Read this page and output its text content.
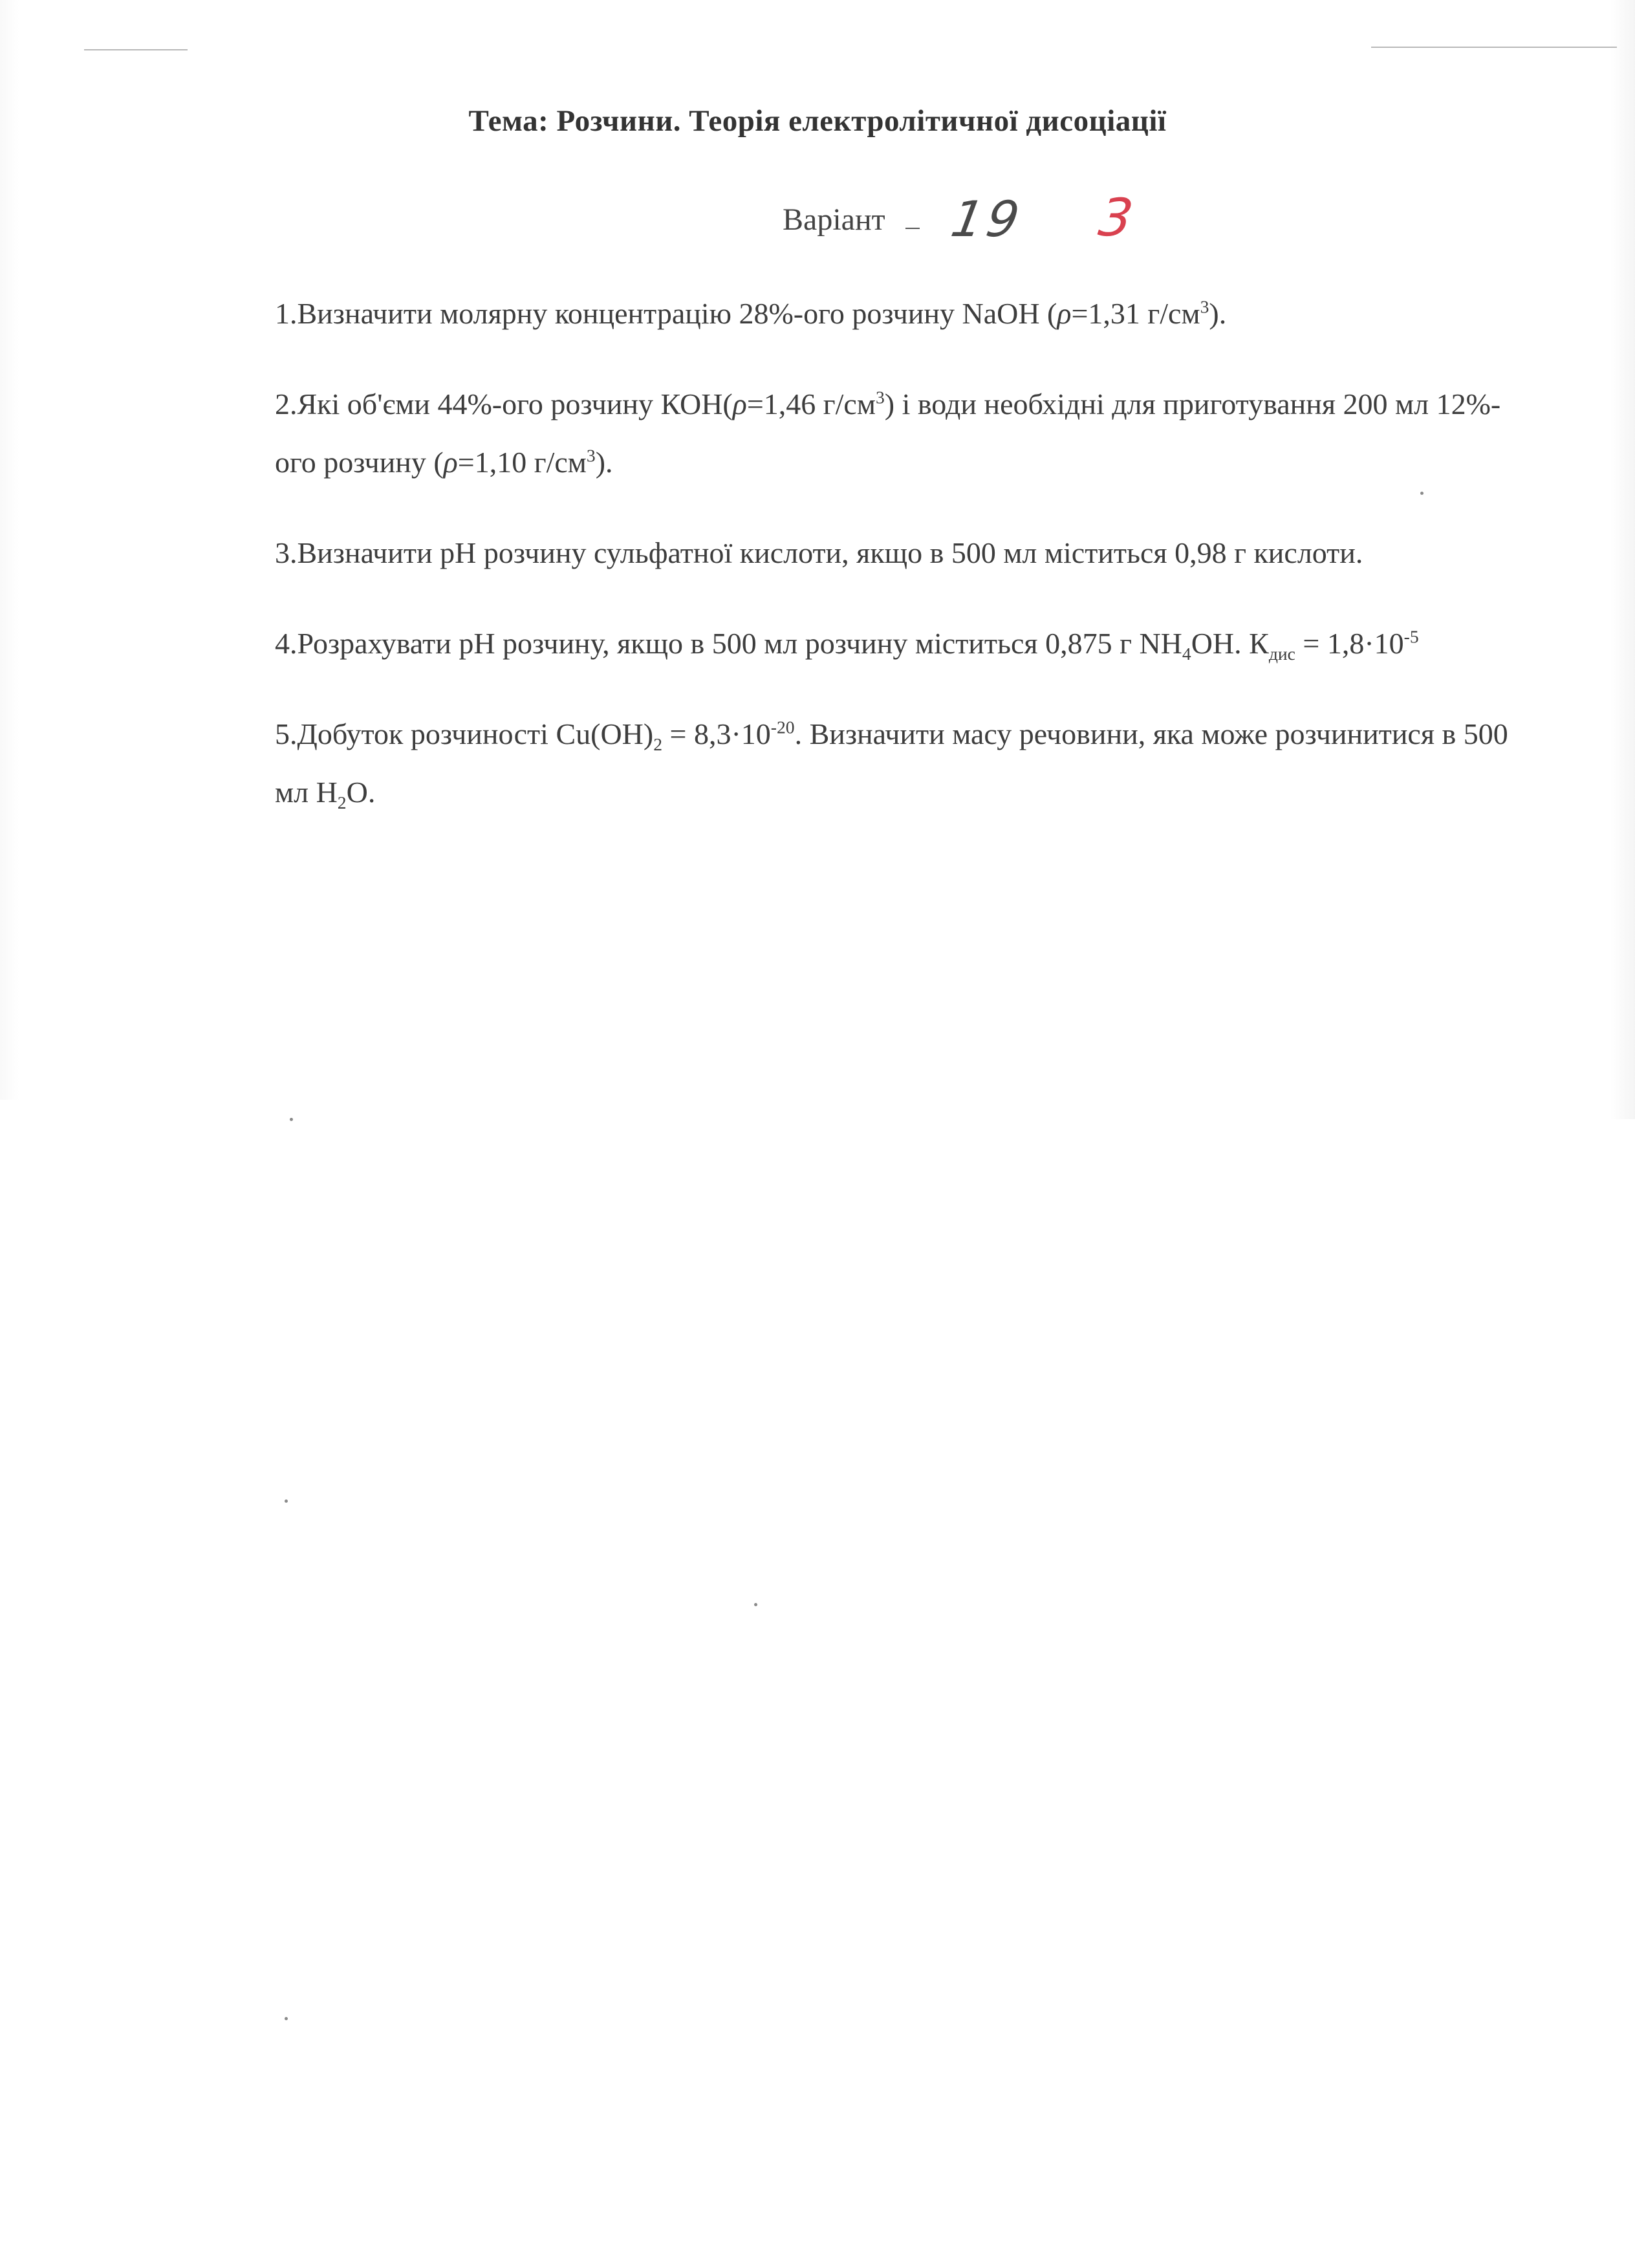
Тема: Розчини. Теорія електролітичної дисоціації
Варіант 19 3

1.Визначити молярну концентрацію 28%-ого розчину NaOH (ρ=1,31 $г/см^3$).

2.Які об'єми 44%-ого розчину КОН(ρ=1,46 $г/см^3$) і води необхідні для приготування 200 мл 12%-ого розчину (ρ=1,10 $г/см^3$).

3.Визначити рН розчину сульфатної кислоти, якщо в 500 мл міститься 0,98 г кислоти.

4.Розрахувати рН розчину, якщо в 500 мл розчину міститься 0,875 г $NH_4OH$. $К_{дис} = 1,8\cdot 10^{-5}$

5.Добуток розчиності $Cu(OH)_2 = 8,3\cdot 10^{-20}$. Визначити масу речовини, яка може розчинитися в 500 мл $H_2O$.
